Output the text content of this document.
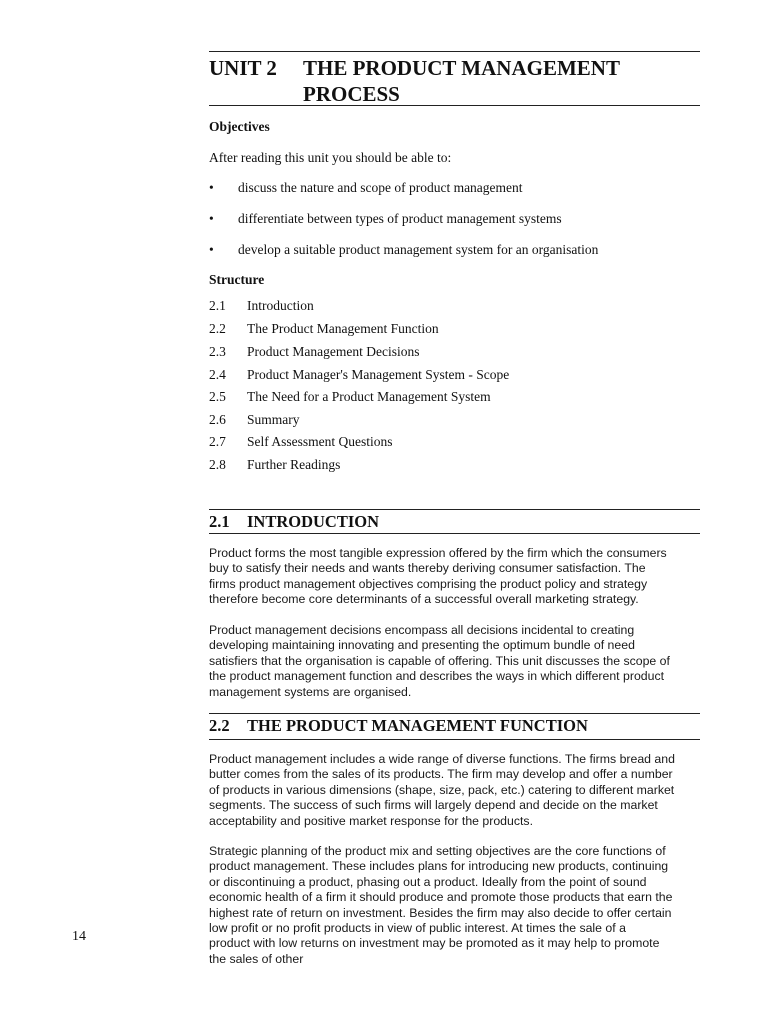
UNIT 2 THE PRODUCT MANAGEMENT
PROCESS
Objectives
After reading this unit you should be able to:
• discuss the nature and scope of product management
• differentiate between types of product management systems
• develop a suitable product management system for an organisation
Structure
2.1 Introduction
2.2 The Product Management Function
2.3 Product Management Decisions
2.4 Product Manager's Management System - Scope
2.5 The Need for a Product Management System
2.6 Summary
2.7 Self Assessment Questions
2.8 Further Readings
2.1 INTRODUCTION

Product forms the most tangible expression offered by the firm which the consumers

buy to satisfy their needs and wants thereby deriving consumer satisfaction. The

firms product management objectives comprising the product policy and strategy

therefore become core determinants of a successful overall marketing strategy.

Product management decisions encompass all decisions incidental to creating

developing maintaining innovating and presenting the optimum bundle of need

satisfiers that the organisation is capable of offering. This unit discusses the scope of

the product management function and describes the ways in which different product

management systems are organised.

2.2 THE PRODUCT MANAGEMENT FUNCTION

Product management includes a wide range of diverse functions. The firms bread and

butter comes from the sales of its products. The firm may develop and offer a number

of products in various dimensions (shape, size, pack, etc.) catering to different market

segments. The success of such firms will largely depend and decide on the market

acceptability and positive market response for the products.

Strategic planning of the product mix and setting objectives are the core functions of

product management. These includes plans for introducing new products, continuing

or discontinuing a product, phasing out a product. Ideally from the point of sound

economic health of a firm it should produce and promote those products that earn the

highest rate of return on investment. Besides the firm may also decide to offer certain

low profit or no profit products in view of public interest. At times the sale of a

product with low returns on investment may be promoted as it may help to promote

the sales of other

14
